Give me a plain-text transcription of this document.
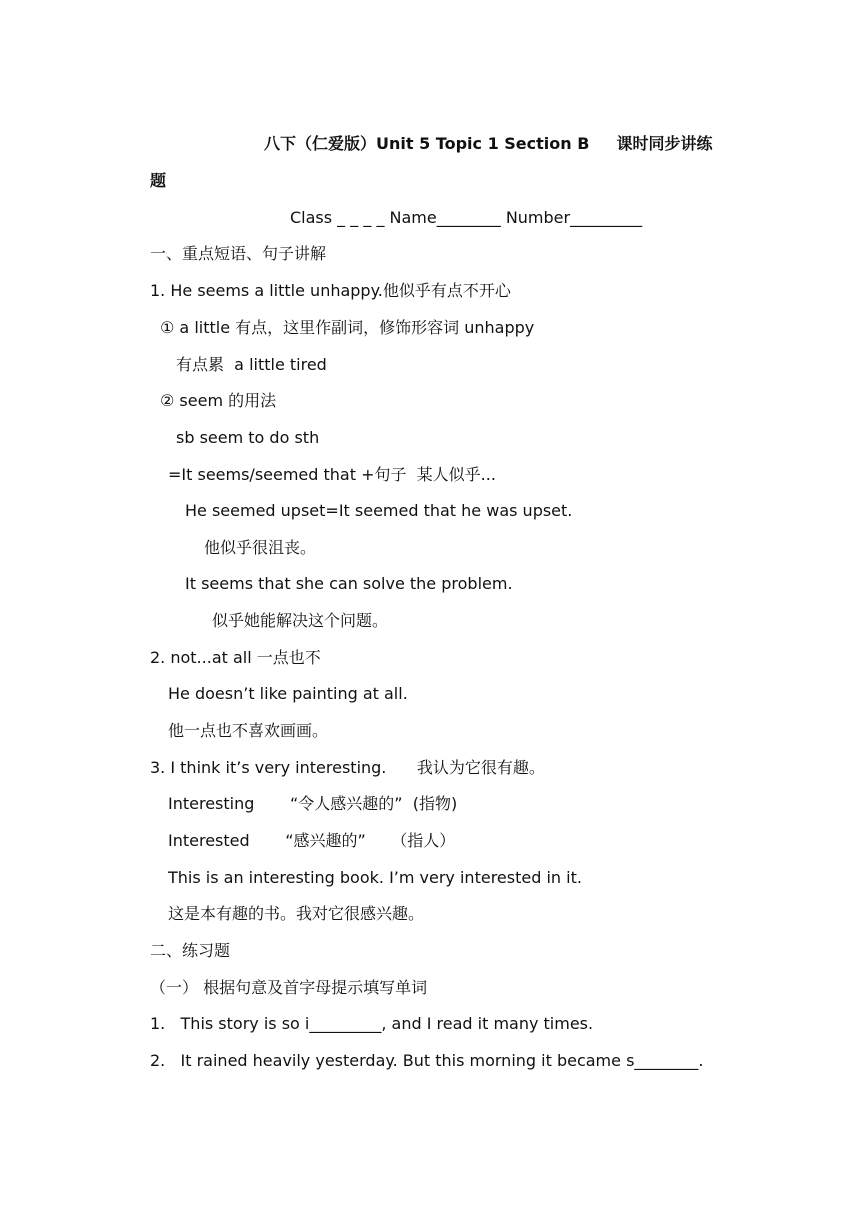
八下（仁爱版）Unit 5 Topic 1 Section B 　 课时同步讲练
题
Class _ _ _ _ Name________ Number_________
一、重点短语、句子讲解
1. He seems a little unhappy.他似乎有点不开心
① a little 有点，这里作副词，修饰形容词 unhappy
有点累  a little tired
② seem 的用法
sb seem to do sth
=It seems/seemed that +句子  某人似乎...
He seemed upset=It seemed that he was upset.
他似乎很沮丧。
It seems that she can solve the problem.
似乎她能解决这个问题。
2. not...at all 一点也不
He doesn’t like painting at all.
他一点也不喜欢画画。
3. I think it’s very interesting.      我认为它很有趣。
Interesting       “令人感兴趣的”  (指物)
Interested       “感兴趣的”     （指人）
This is an interesting book. I’m very interested in it.
这是本有趣的书。我对它很感兴趣。
二、练习题
（一） 根据句意及首字母提示填写单词
1.   This story is so i_________, and I read it many times.
2.   It rained heavily yesterday. But this morning it became s________.
